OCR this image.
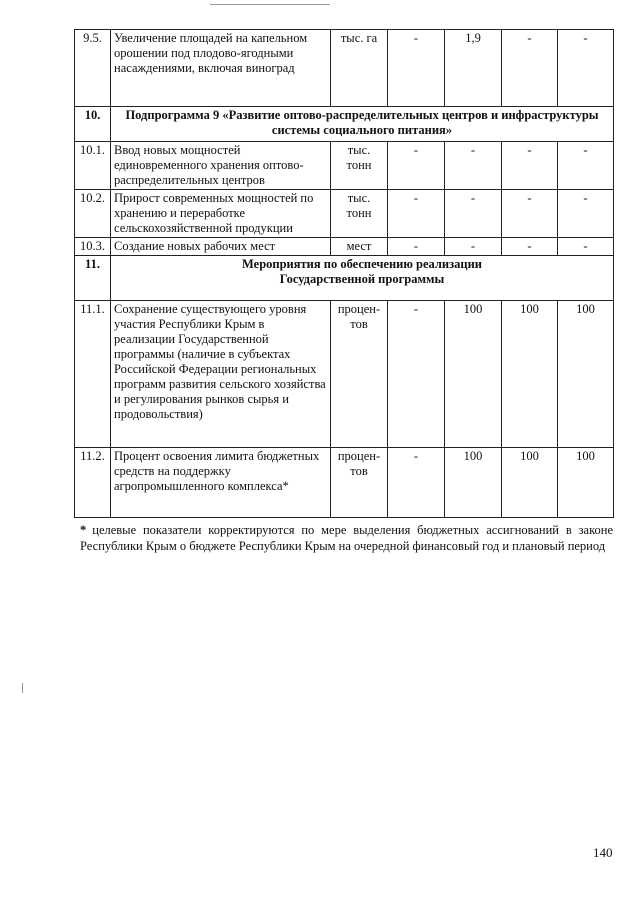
9.5.	Увеличение площадей на капельном орошении под плодово-ягодными насаждениями, включая виноград	тыс. га	-	1,9	-	-
10.	Подпрограмма 9 «Развитие оптово-распределительных центров и инфраструктуры системы социального питания»					
10.1.	Ввод новых мощностей единовременного хранения оптово-распределительных центров	тыс. тонн	-	-	-	-
10.2.	Прирост современных мощностей по хранению и переработке сельскохозяйственной продукции	тыс. тонн	-	-	-	-
10.3.	Создание новых рабочих мест	мест	-	-	-	-
11.	Мероприятия по обеспечению реализации Государственной программы					
11.1.	Сохранение существующего уровня участия Республики Крым в реализации Государственной программы (наличие в субъектах Российской Федерации региональных программ развития сельского хозяйства и регулирования рынков сырья и продовольствия)	процен-тов	-	100	100	100
11.2.	Процент освоения лимита бюджетных средств на поддержку агропромышленного комплекса*	процен-тов	-	100	100	100
* целевые показатели корректируются по мере выделения бюджетных ассигнований в законе Республики Крым о бюджете Республики Крым на очередной финансовый год и плановый период
140
